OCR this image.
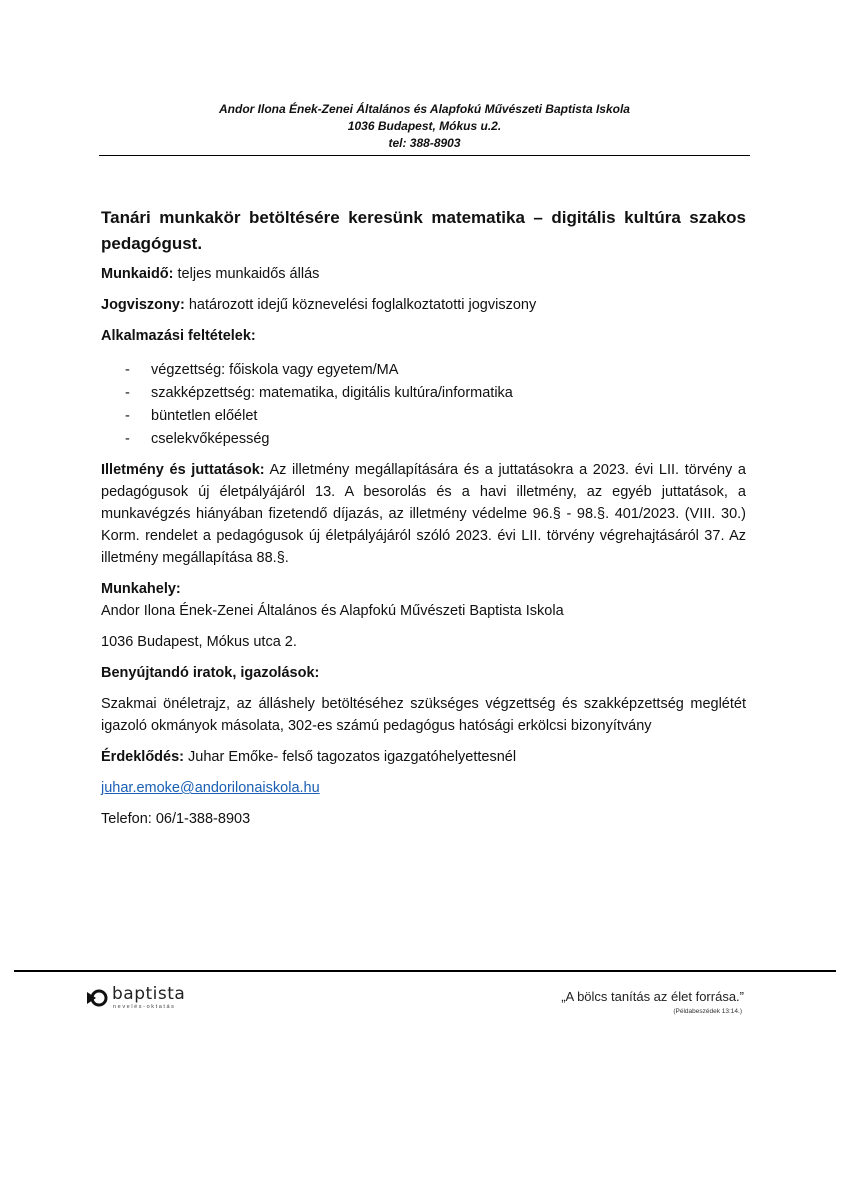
Andor Ilona Ének-Zenei Általános és Alapfokú Művészeti Baptista Iskola
1036 Budapest, Mókus u.2.
tel: 388-8903
Tanári munkakör betöltésére keresünk matematika – digitális kultúra szakos pedagógust.

Munkaidő: teljes munkaidős állás

Jogviszony: határozott idejű köznevelési foglalkoztatotti jogviszony

Alkalmazási feltételek:

- végzettség: főiskola vagy egyetem/MA
- szakképzettség: matematika, digitális kultúra/informatika
- büntetlen előélet
- cselekvőképesség

Illetmény és juttatások: Az illetmény megállapítására és a juttatásokra a 2023. évi LII. törvény a pedagógusok új életpályájáról 13. A besorolás és a havi illetmény, az egyéb juttatások, a munkavégzés hiányában fizetendő díjazás, az illetmény védelme 96.§ - 98.§. 401/2023. (VIII. 30.) Korm. rendelet a pedagógusok új életpályájáról szóló 2023. évi LII. törvény végrehajtásáról 37. Az illetmény megállapítása 88.§.

Munkahely:
Andor Ilona Ének-Zenei Általános és Alapfokú Művészeti Baptista Iskola

1036 Budapest, Mókus utca 2.

Benyújtandó iratok, igazolások:

Szakmai önéletrajz, az álláshely betöltéséhez szükséges végzettség és szakképzettség meglétét igazoló okmányok másolata, 302-es számú pedagógus hatósági erkölcsi bizonyítvány

Érdeklődés: Juhar Emőke- felső tagozatos igazgatóhelyettesnél

juhar.emoke@andorilonaiskola.hu

Telefon: 06/1-388-8903

baptista
nevelés-oktatás
„A bölcs tanítás az élet forrása.”
(Példabeszédek 13:14.)
